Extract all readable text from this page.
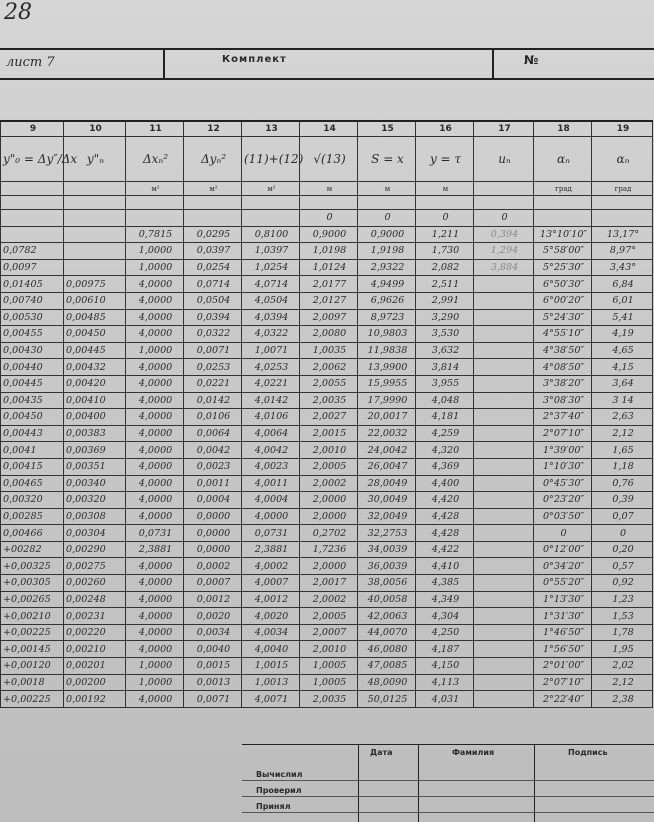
28
лист 7	Комплект	№
9	10	11	12	13	14	15	16	17	18	19

y"₀ = Δy″/Δx	y"ₙ	Δxₙ²	Δyₙ²	(11)+(12)	√(13)	S = x	y = τ	uₙ	αₙ	αₙ

		м²	м²	м²	м	м	м		град	град

					0	0	0	0		

		0,7815	0,0295	0,8100	0,9000	0,9000	1,211	0,394	13°10′10″	13,17°

0,0782		1,0000	0,0397	1,0397	1,0198	1,9198	1,730	1,294	5°58′00″	8,97°

0,0097		1,0000	0,0254	1,0254	1,0124	2,9322	2,082	3,884	5°25′30″	3,43°

0,01405	0,00975	4,0000	0,0714	4,0714	2,0177	4,9499	2,511		6°50′30″	6,84

0,00740	0,00610	4,0000	0,0504	4,0504	2,0127	6,9626	2,991		6°00′20″	6,01

0,00530	0,00485	4,0000	0,0394	4,0394	2,0097	8,9723	3,290		5°24′30″	5,41

0,00455	0,00450	4,0000	0,0322	4,0322	2,0080	10,9803	3,530		4°55′10″	4,19

0,00430	0,00445	1,0000	0,0071	1,0071	1,0035	11,9838	3,632		4°38′50″	4,65

0,00440	0,00432	4,0000	0,0253	4,0253	2,0062	13,9900	3,814		4°08′50″	4,15

0,00445	0,00420	4,0000	0,0221	4,0221	2,0055	15,9955	3,955		3°38′20″	3,64

0,00435	0,00410	4,0000	0,0142	4,0142	2,0035	17,9990	4,048		3°08′30″	3 14

0,00450	0,00400	4,0000	0,0106	4,0106	2,0027	20,0017	4,181		2°37′40″	2,63

0,00443	0,00383	4,0000	0,0064	4,0064	2,0015	22,0032	4,259		2°07′10″	2,12

0,0041	0,00369	4,0000	0,0042	4,0042	2,0010	24,0042	4,320		1°39′00″	1,65

0,00415	0,00351	4,0000	0,0023	4,0023	2,0005	26,0047	4,369		1°10′30″	1,18

0,00465	0,00340	4,0000	0,0011	4,0011	2,0002	28,0049	4,400		0°45′30″	0,76

0,00320	0,00320	4,0000	0,0004	4,0004	2,0000	30,0049	4,420		0°23′20″	0,39

0,00285	0,00308	4,0000	0,0000	4,0000	2,0000	32,0049	4,428		0°03′50″	0,07

0,00466	0,00304	0,0731	0,0000	0,0731	0,2702	32,2753	4,428		0	0

+00282	0,00290	2,3881	0,0000	2,3881	1,7236	34,0039	4,422		0°12′00″	0,20

+0,00325	0,00275	4,0000	0,0002	4,0002	2,0000	36,0039	4,410		0°34′20″	0,57

+0,00305	0,00260	4,0000	0,0007	4,0007	2,0017	38,0056	4,385		0°55′20″	0,92

+0,00265	0,00248	4,0000	0,0012	4,0012	2,0002	40,0058	4,349		1°13′30″	1,23

+0,00210	0,00231	4,0000	0,0020	4,0020	2,0005	42,0063	4,304		1°31′30″	1,53

+0,00225	0,00220	4,0000	0,0034	4,0034	2,0007	44,0070	4,250		1°46′50″	1,78

+0,00145	0,00210	4,0000	0,0040	4,0040	2,0010	46,0080	4,187		1°56′50″	1,95

+0,00120	0,00201	1,0000	0,0015	1,0015	1,0005	47,0085	4,150		2°01′00″	2,02

+0,0018	0,00200	1,0000	0,0013	1,0013	1,0005	48,0090	4,113		2°07′10″	2,12

+0,00225	0,00192	4,0000	0,0071	4,0071	2,0035	50,0125	4,031		2°22′40″	2,38
Дата	Фамилия	Подпись
Вычислил
Проверил
Принял
